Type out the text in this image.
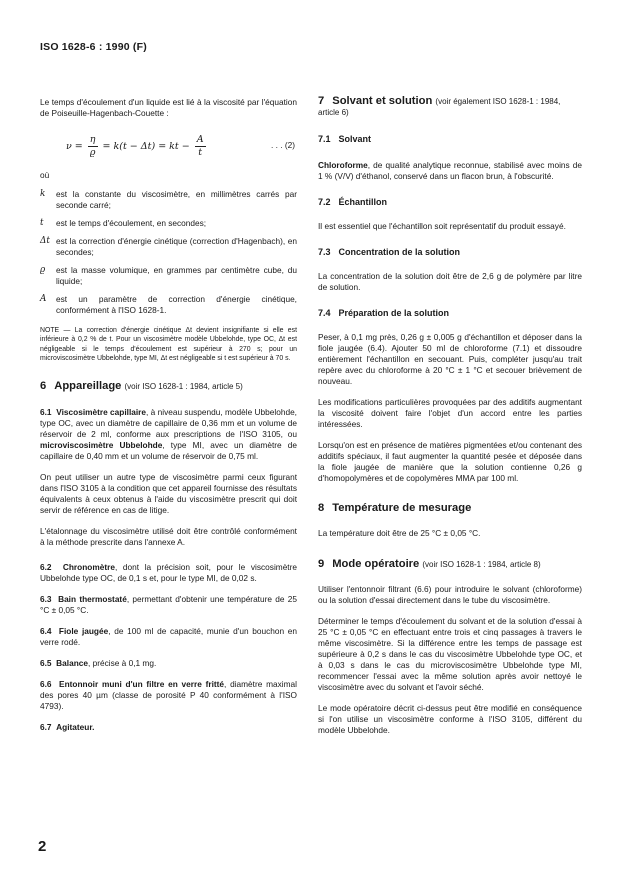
ISO 1628-6 : 1990 (F)

Le temps d'écoulement d'un liquide est lié à la viscosité par l'équation de Poiseuille-Hagenbach-Couette :

$\nu = \frac{\eta}{ϱ} = k(t - \Delta t)$ = kt − $\frac{A}{t}$	. . . (2)

où

k	est la constante du viscosimètre, en millimètres carrés par seconde carré;
t	est le temps d'écoulement, en secondes;
Δt est la correction d'énergie cinétique (correction d'Hagenbach), en secondes;
ϱ	est la masse volumique, en grammes par centimètre cube, du liquide;
A	est un paramètre de correction d'énergie cinétique, conformément à l'ISO 1628-1.

NOTE — La correction d'énergie cinétique Δt devient insignifiante si elle est inférieure à 0,2 % de t. Pour un viscosimètre modèle Ubbelohde, type OC, Δt est négligeable si le temps d'écoulement est supérieur à 270 s; pour un microviscosimètre Ubbelohde, type MI, Δt est négligeable si t est supérieur à 70 s.

6 Appareillage (voir ISO 1628-1 : 1984, article 5)

6.1 Viscosimètre capillaire, à niveau suspendu, modèle Ubbelohde, type OC, avec un diamètre de capillaire de 0,36 mm et un volume de réservoir de 2 ml, conforme aux prescriptions de l'ISO 3105, ou microviscosimètre Ubbelohde, type MI, avec un diamètre de capillaire de 0,40 mm et un volume de réservoir de 0,75 ml.

On peut utiliser un autre type de viscosimètre parmi ceux figurant dans l'ISO 3105 à la condition que cet appareil fournisse des résultats équivalents à ceux obtenus à l'aide du viscosimètre prescrit qui doit servir de référence en cas de litige.

L'étalonnage du viscosimètre utilisé doit être contrôlé conformément à la méthode prescrite dans l'annexe A.

6.2 Chronomètre, dont la précision soit, pour le viscosimètre Ubbelohde type OC, de 0,1 s et, pour le type MI, de 0,02 s.

6.3 Bain thermostaté, permettant d'obtenir une température de 25 °C ± 0,05 °C.

6.4 Fiole jaugée, de 100 ml de capacité, munie d'un bouchon en verre rodé.

6.5 Balance, précise à 0,1 mg.

6.6 Entonnoir muni d'un filtre en verre fritté, diamètre maximal des pores 40 µm (classe de porosité P 40 conformément à l'ISO 4793).

6.7 Agitateur.

7 Solvant et solution (voir également ISO 1628-1 : 1984, article 6)
7.1 Solvant

Chloroforme, de qualité analytique reconnue, stabilisé avec moins de 1 % (V/V) d'éthanol, conservé dans un flacon brun, à l'obscurité.

7.2 Échantillon

Il est essentiel que l'échantillon soit représentatif du produit essayé.

7.3 Concentration de la solution

La concentration de la solution doit être de 2,6 g de polymère par litre de solution.

7.4 Préparation de la solution

Peser, à 0,1 mg près, 0,26 g ± 0,005 g d'échantillon et déposer dans la fiole jaugée (6.4). Ajouter 50 ml de chloroforme (7.1) et dissoudre entièrement l'échantillon en secouant. Puis, compléter jusqu'au trait repère avec du chloroforme à 20 °C ± 1 °C et secouer brièvement de nouveau.

Les modifications particulières provoquées par des additifs augmentant la viscosité doivent faire l'objet d'un accord entre les parties intéressées.

Lorsqu'on est en présence de matières pigmentées et/ou contenant des additifs spéciaux, il faut augmenter la quantité pesée et déposée dans la fiole jaugée de manière que la solution contienne 0,26 g d'homopolymères et de copolymères MMA par 100 ml.

8 Température de mesurage

La température doit être de 25 °C ± 0,05 °C.

9 Mode opératoire (voir ISO 1628-1 : 1984, article 8)

Utiliser l'entonnoir filtrant (6.6) pour introduire le solvant (chloroforme) ou la solution d'essai directement dans le tube du viscosimètre.

Déterminer le temps d'écoulement du solvant et de la solution d'essai à 25 °C ± 0,05 °C en effectuant entre trois et cinq passages à travers le même viscosimètre. Si la différence entre les temps de passage est supérieure à 0,2 s dans le cas du viscosimètre Ubbelohde type OC, et à 0,03 s dans le cas du microviscosimètre Ubbelohde type MI, recommencer l'essai avec la même solution après avoir nettoyé le viscosimètre avec du solvant et l'avoir séché.

Le mode opératoire décrit ci-dessus peut être modifié en conséquence si l'on utilise un viscosimètre conforme à l'ISO 3105, différent du modèle Ubbelohde.

2
